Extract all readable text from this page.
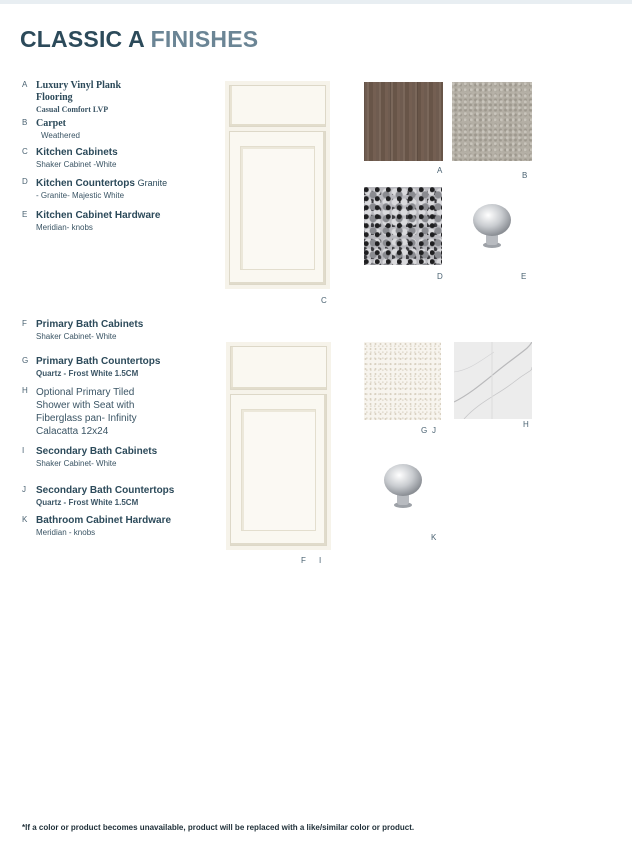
CLASSIC A FINISHES
A Luxury Vinyl Plank
Flooring
Casual Comfort LVP
B Carpet
Weathered
C Kitchen Cabinets
Shaker Cabinet -White
D Kitchen Countertops Granite
- Granite- Majestic White
E Kitchen Cabinet Hardware
Meridian- knobs
F Primary Bath Cabinets
Shaker Cabinet- White
G Primary Bath Countertops
Quartz - Frost White 1.5CM
H Optional Primary Tiled
Shower with Seat with
Fiberglass pan- Infinity
Calacatta 12x24
I Secondary Bath Cabinets
Shaker Cabinet- White
J Secondary Bath Countertops
Quartz - Frost White 1.5CM
K Bathroom Cabinet Hardware
Meridian - knobs
C
A
B
D	E
F I
G J
H
K
*If a color or product becomes unavailable, product will be replaced with a like/similar color or product.
